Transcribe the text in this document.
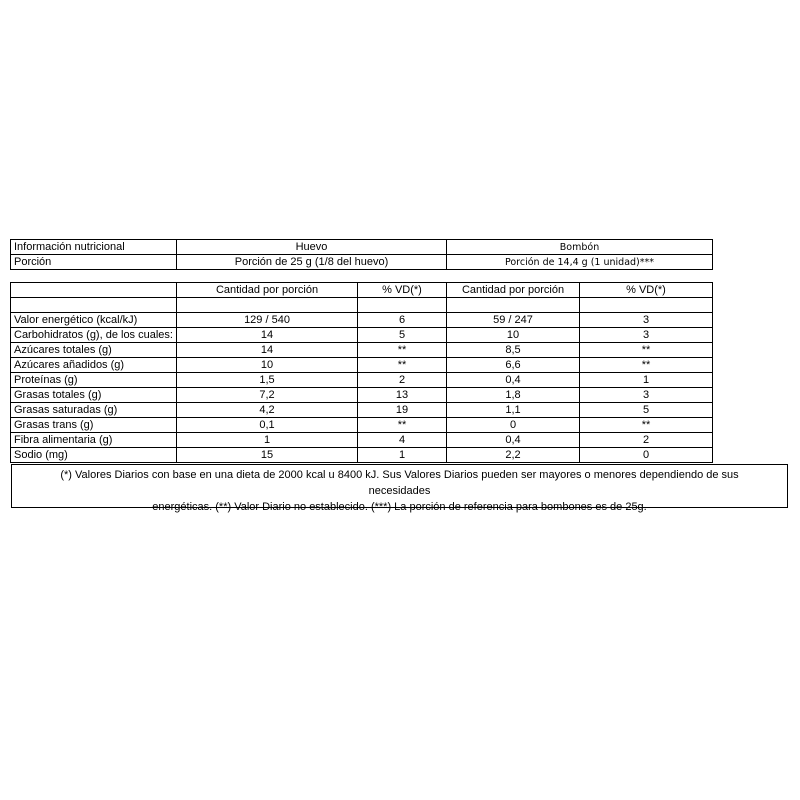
Información nutricional	Huevo	Bombón
Porción	Porción de 25 g (1/8 del huevo)	Porción de 14,4 g (1 unidad)***
	Cantidad por porción	% VD(*)	Cantidad por porción	% VD(*)

Valor energético (kcal/kJ)	129 / 540	6	59 / 247	3
Carbohidratos (g), de los cuales:	14	5	10	3
Azúcares totales (g)	14	**	8,5	**
Azúcares añadidos (g)	10	**	6,6	**
Proteínas (g)	1,5	2	0,4	1
Grasas totales (g)	7,2	13	1,8	3
Grasas saturadas (g)	4,2	19	1,1	5
Grasas trans (g)	0,1	**	0	**
Fibra alimentaria (g)	1	4	0,4	2
Sodio (mg)	15	1	2,2	0
(*) Valores Diarios con base en una dieta de 2000 kcal u 8400 kJ. Sus Valores Diarios pueden ser mayores o menores dependiendo de sus necesidades
energéticas. (**) Valor Diario no establecido. (***) La porción de referencia para bombones es de 25g.
